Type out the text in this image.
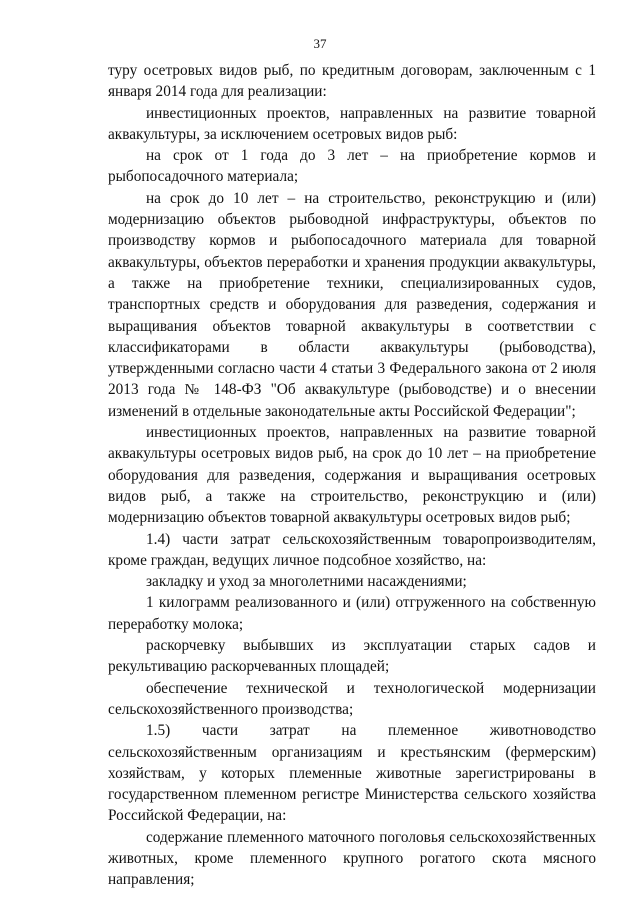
37

туру осетровых видов рыб, по кредитным договорам, заключенным с 1 января 2014 года для реализации:

инвестиционных проектов, направленных на развитие товарной аквакультуры, за исключением осетровых видов рыб:

на срок от 1 года до 3 лет – на приобретение кормов и рыбопосадочного материала;

на срок до 10 лет – на строительство, реконструкцию и (или) модернизацию объектов рыбоводной инфраструктуры, объектов по производству кормов и рыбопосадочного материала для товарной аквакультуры, объектов переработки и хранения продукции аквакультуры, а также на приобретение техники, специализированных судов, транспортных средств и оборудования для разведения, содержания и выращивания объектов товарной аквакультуры в соответствии с классификаторами в области аквакультуры (рыбоводства), утвержденными согласно части 4 статьи 3 Федерального закона от 2 июля 2013 года № 148-ФЗ "Об аквакультуре (рыбоводстве) и о внесении изменений в отдельные законодательные акты Российской Федерации";

инвестиционных проектов, направленных на развитие товарной аквакультуры осетровых видов рыб, на срок до 10 лет – на приобретение оборудования для разведения, содержания и выращивания осетровых видов рыб, а также на строительство, реконструкцию и (или) модернизацию объектов товарной аквакультуры осетровых видов рыб;

1.4) части затрат сельскохозяйственным товаропроизводителям, кроме граждан, ведущих личное подсобное хозяйство, на:

закладку и уход за многолетними насаждениями;

1 килограмм реализованного и (или) отгруженного на собственную переработку молока;

раскорчевку выбывших из эксплуатации старых садов и рекультивацию раскорчеванных площадей;

обеспечение технической и технологической модернизации сельскохозяйственного производства;

1.5) части затрат на племенное животноводство сельскохозяйственным организациям и крестьянским (фермерским) хозяйствам, у которых племенные животные зарегистрированы в государственном племенном регистре Министерства сельского хозяйства Российской Федерации, на:

содержание племенного маточного поголовья сельскохозяйственных животных, кроме племенного крупного рогатого скота мясного направления;
